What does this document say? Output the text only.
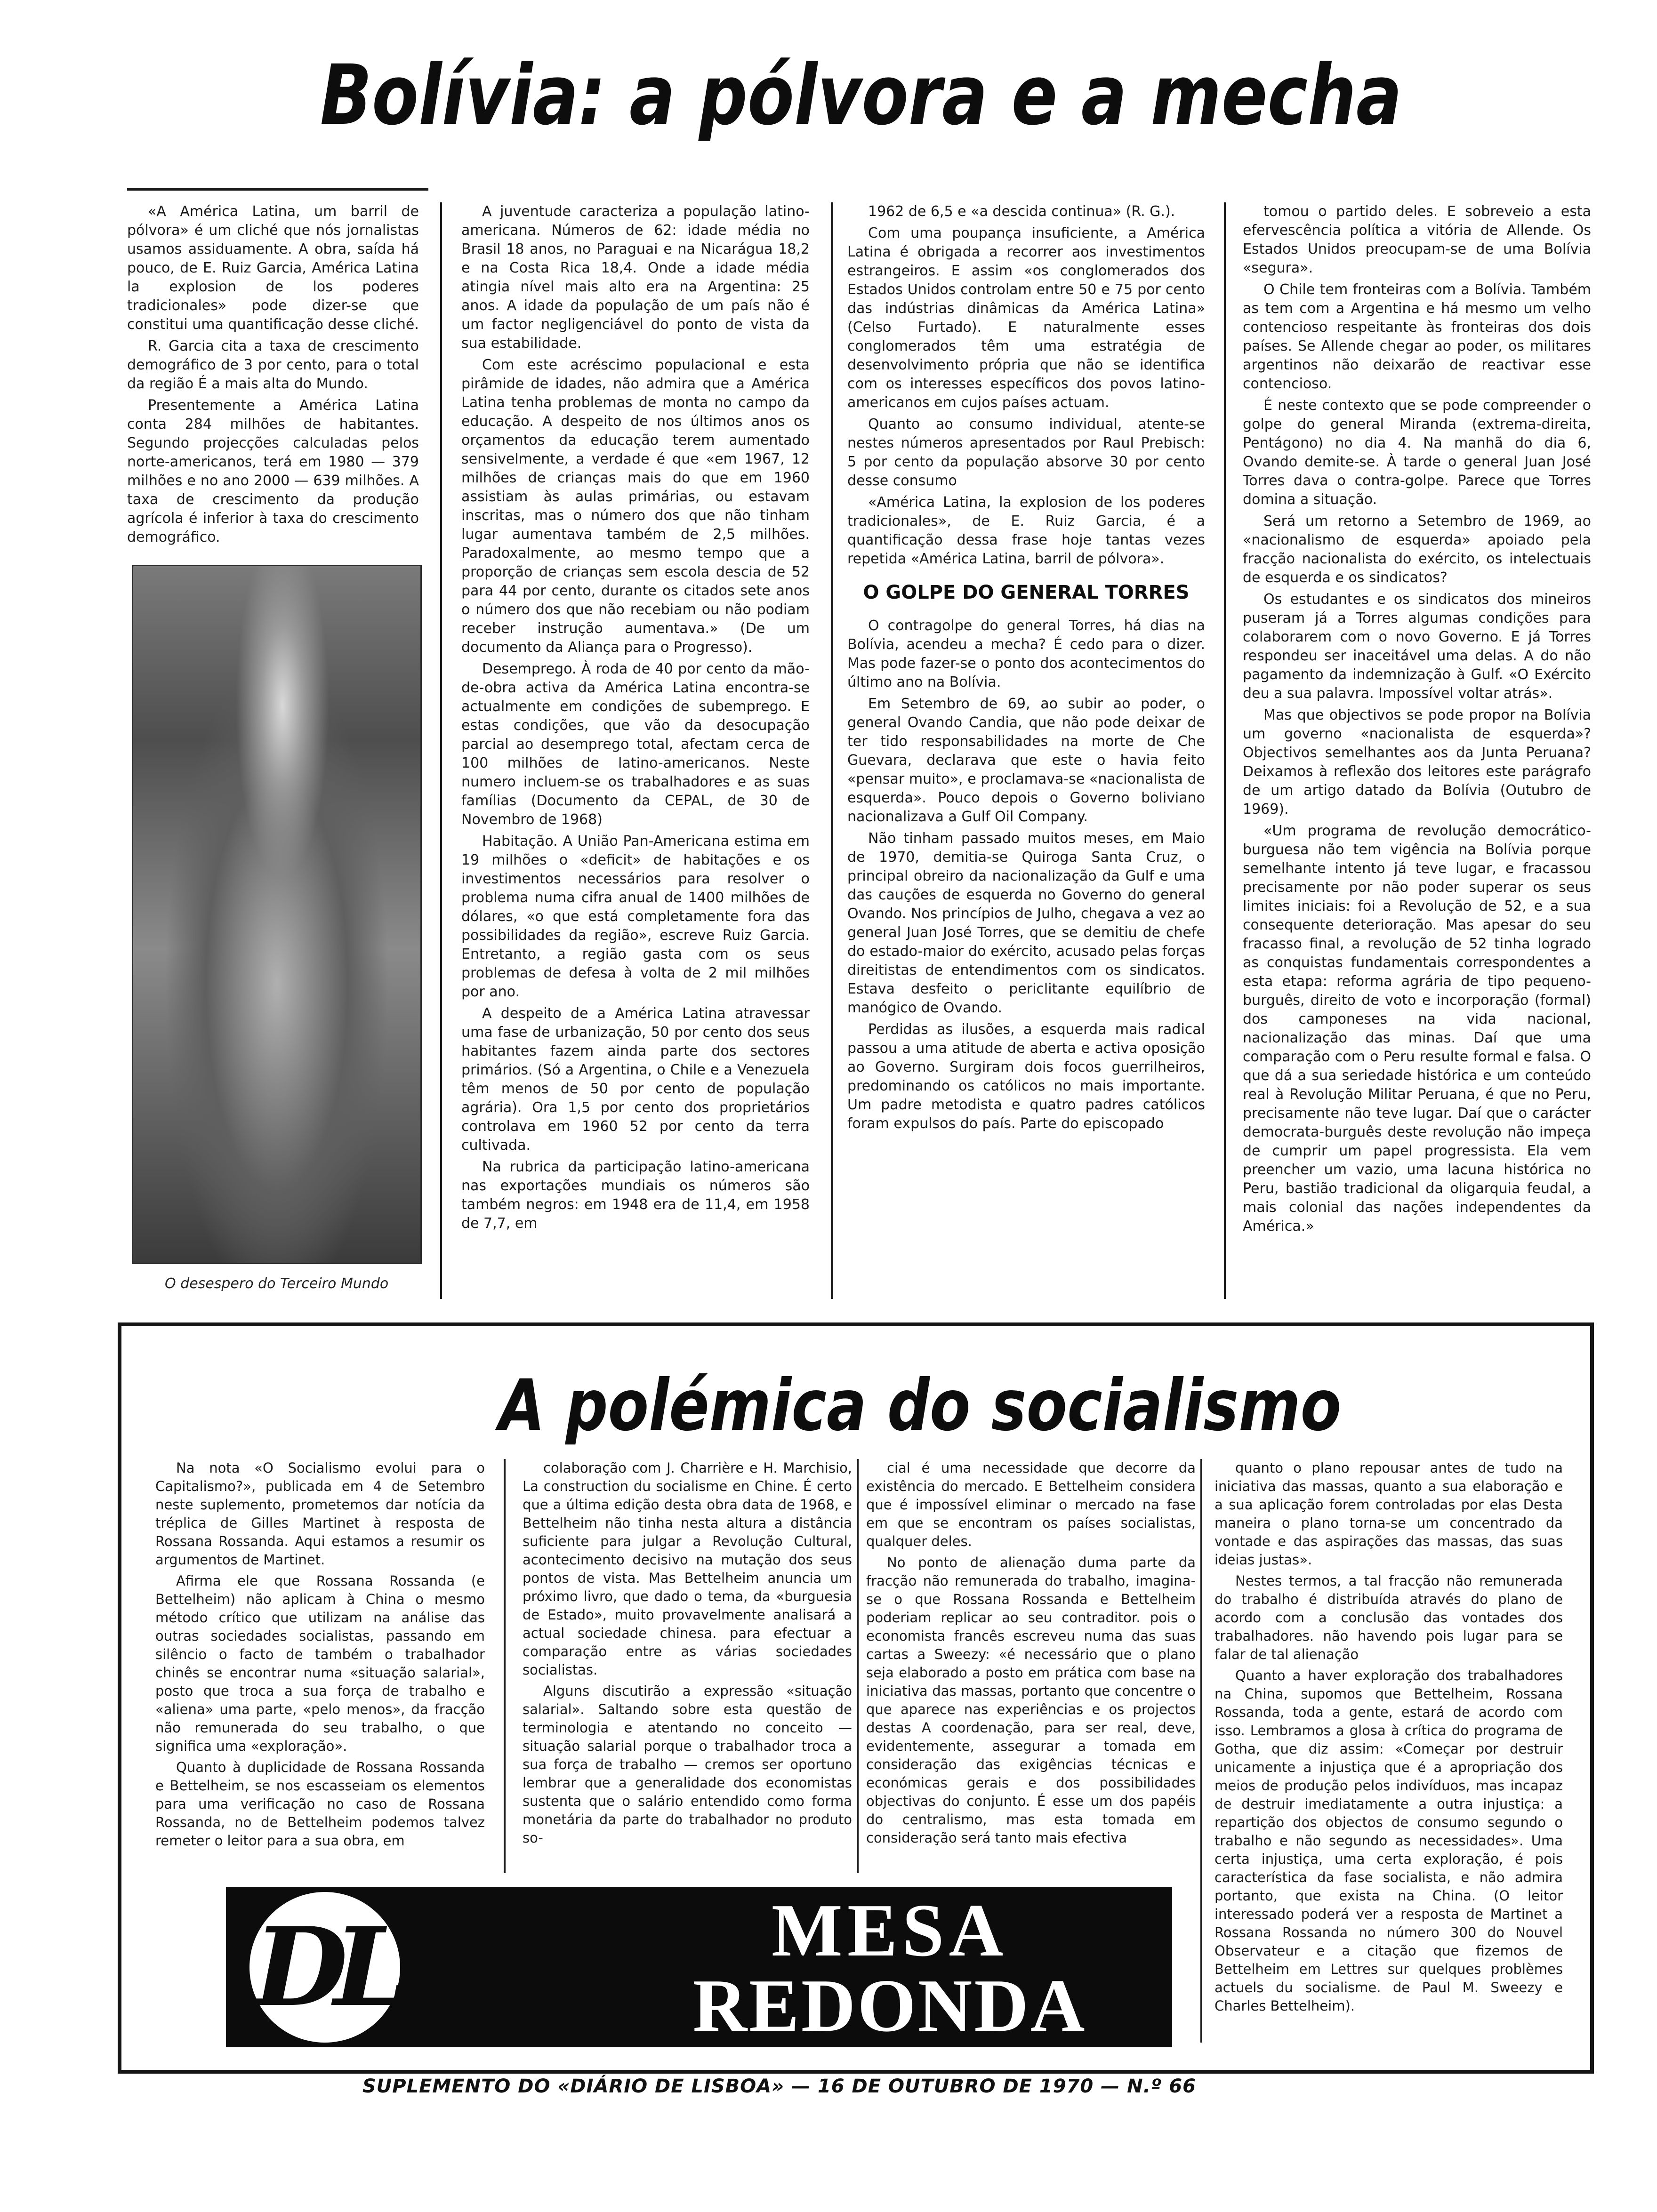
Bolívia: a pólvora e a mecha

«A América Latina, um barril de pólvora» é um cliché que nós jornalistas usamos assiduamente. A obra, saída há pouco, de E. Ruiz Garcia, América Latina la explosion de los poderes tradicionales» pode dizer-se que constitui uma quantificação desse cliché.

R. Garcia cita a taxa de crescimento demográfico de 3 por cento, para o total da região É a mais alta do Mundo.

Presentemente a América Latina conta 284 milhões de habitantes. Segundo projecções calculadas pelos norte-americanos, terá em 1980 — 379 milhões e no ano 2000 — 639 milhões. A taxa de crescimento da produção agrícola é inferior à taxa do crescimento demográfico.

O desespero do Terceiro Mundo

A juventude caracteriza a população latino-americana. Números de 62: idade média no Brasil 18 anos, no Paraguai e na Nicarágua 18,2 e na Costa Rica 18,4. Onde a idade média atingia nível mais alto era na Argentina: 25 anos. A idade da população de um país não é um factor negligenciável do ponto de vista da sua estabilidade.

Com este acréscimo populacional e esta pirâmide de idades, não admira que a América Latina tenha problemas de monta no campo da educação. A despeito de nos últimos anos os orçamentos da educação terem aumentado sensivelmente, a verdade é que «em 1967, 12 milhões de crianças mais do que em 1960 assistiam às aulas primárias, ou estavam inscritas, mas o número dos que não tinham lugar aumentava também de 2,5 milhões. Paradoxalmente, ao mesmo tempo que a proporção de crianças sem escola descia de 52 para 44 por cento, durante os citados sete anos o número dos que não recebiam ou não podiam receber instrução aumentava.» (De um documento da Aliança para o Progresso).

Desemprego. À roda de 40 por cento da mão-de-obra activa da América Latina encontra-se actualmente em condições de subemprego. E estas condições, que vão da desocupação parcial ao desemprego total, afectam cerca de 100 milhões de latino-americanos. Neste numero incluem-se os trabalhadores e as suas famílias (Documento da CEPAL, de 30 de Novembro de 1968)

Habitação. A União Pan-Americana estima em 19 milhões o «deficit» de habitações e os investimentos necessários para resolver o problema numa cifra anual de 1400 milhões de dólares, «o que está completamente fora das possibilidades da região», escreve Ruiz Garcia. Entretanto, a região gasta com os seus problemas de defesa à volta de 2 mil milhões por ano.

A despeito de a América Latina atravessar uma fase de urbanização, 50 por cento dos seus habitantes fazem ainda parte dos sectores primários. (Só a Argentina, o Chile e a Venezuela têm menos de 50 por cento de população agrária). Ora 1,5 por cento dos proprietários controlava em 1960 52 por cento da terra cultivada.

Na rubrica da participação latino-americana nas exportações mundiais os números são também negros: em 1948 era de 11,4, em 1958 de 7,7, em

1962 de 6,5 e «a descida continua» (R. G.).

Com uma poupança insuficiente, a América Latina é obrigada a recorrer aos investimentos estrangeiros. E assim «os conglomerados dos Estados Unidos controlam entre 50 e 75 por cento das indústrias dinâmicas da América Latina» (Celso Furtado). E naturalmente esses conglomerados têm uma estratégia de desenvolvimento própria que não se identifica com os interesses específicos dos povos latino-americanos em cujos países actuam.

Quanto ao consumo individual, atente-se nestes números apresentados por Raul Prebisch: 5 por cento da população absorve 30 por cento desse consumo

«América Latina, la explosion de los poderes tradicionales», de E. Ruiz Garcia, é a quantificação dessa frase hoje tantas vezes repetida «América Latina, barril de pólvora».

O GOLPE DO GENERAL TORRES

O contragolpe do general Torres, há dias na Bolívia, acendeu a mecha? É cedo para o dizer. Mas pode fazer-se o ponto dos acontecimentos do último ano na Bolívia.

Em Setembro de 69, ao subir ao poder, o general Ovando Candia, que não pode deixar de ter tido responsabilidades na morte de Che Guevara, declarava que este o havia feito «pensar muito», e proclamava-se «nacionalista de esquerda». Pouco depois o Governo boliviano nacionalizava a Gulf Oil Company.

Não tinham passado muitos meses, em Maio de 1970, demitia-se Quiroga Santa Cruz, o principal obreiro da nacionalização da Gulf e uma das cauções de esquerda no Governo do general Ovando. Nos princípios de Julho, chegava a vez ao general Juan José Torres, que se demitiu de chefe do estado-maior do exército, acusado pelas forças direitistas de entendimentos com os sindicatos. Estava desfeito o periclitante equilíbrio de manógico de Ovando.

Perdidas as ilusões, a esquerda mais radical passou a uma atitude de aberta e activa oposição ao Governo. Surgiram dois focos guerrilheiros, predominando os católicos no mais importante. Um padre metodista e quatro padres católicos foram expulsos do país. Parte do episcopado

tomou o partido deles. E sobreveio a esta efervescência política a vitória de Allende. Os Estados Unidos preocupam-se de uma Bolívia «segura».

O Chile tem fronteiras com a Bolívia. Também as tem com a Argentina e há mesmo um velho contencioso respeitante às fronteiras dos dois países. Se Allende chegar ao poder, os militares argentinos não deixarão de reactivar esse contencioso.

É neste contexto que se pode compreender o golpe do general Miranda (extrema-direita, Pentágono) no dia 4. Na manhã do dia 6, Ovando demite-se. À tarde o general Juan José Torres dava o contra-golpe. Parece que Torres domina a situação.

Será um retorno a Setembro de 1969, ao «nacionalismo de esquerda» apoiado pela fracção nacionalista do exército, os intelectuais de esquerda e os sindicatos?

Os estudantes e os sindicatos dos mineiros puseram já a Torres algumas condições para colaborarem com o novo Governo. E já Torres respondeu ser inaceitável uma delas. A do não pagamento da indemnização à Gulf. «O Exército deu a sua palavra. Impossível voltar atrás».

Mas que objectivos se pode propor na Bolívia um governo «nacionalista de esquerda»? Objectivos semelhantes aos da Junta Peruana? Deixamos à reflexão dos leitores este parágrafo de um artigo datado da Bolívia (Outubro de 1969).

«Um programa de revolução democrático-burguesa não tem vigência na Bolívia porque semelhante intento já teve lugar, e fracassou precisamente por não poder superar os seus limites iniciais: foi a Revolução de 52, e a sua consequente deterioração. Mas apesar do seu fracasso final, a revolução de 52 tinha logrado as conquistas fundamentais correspondentes a esta etapa: reforma agrária de tipo pequeno-burguês, direito de voto e incorporação (formal) dos camponeses na vida nacional, nacionalização das minas. Daí que uma comparação com o Peru resulte formal e falsa. O que dá a sua seriedade histórica e um conteúdo real à Revolução Militar Peruana, é que no Peru, precisamente não teve lugar. Daí que o carácter democrata-burguês deste revolução não impeça de cumprir um papel progressista. Ela vem preencher um vazio, uma lacuna histórica no Peru, bastião tradicional da oligarquia feudal, a mais colonial das nações independentes da América.»

A polémica do socialismo

Na nota «O Socialismo evolui para o Capitalismo?», publicada em 4 de Setembro neste suplemento, prometemos dar notícia da tréplica de Gilles Martinet à resposta de Rossana Rossanda. Aqui estamos a resumir os argumentos de Martinet.

Afirma ele que Rossana Rossanda (e Bettelheim) não aplicam à China o mesmo método crítico que utilizam na análise das outras sociedades socialistas, passando em silêncio o facto de também o trabalhador chinês se encontrar numa «situação salarial», posto que troca a sua força de trabalho e «aliena» uma parte, «pelo menos», da fracção não remunerada do seu trabalho, o que significa uma «exploração».

Quanto à duplicidade de Rossana Rossanda e Bettelheim, se nos escasseiam os elementos para uma verificação no caso de Rossana Rossanda, no de Bettelheim podemos talvez remeter o leitor para a sua obra, em

colaboração com J. Charrière e H. Marchisio, La construction du socialisme en Chine. É certo que a última edição desta obra data de 1968, e Bettelheim não tinha nesta altura a distância suficiente para julgar a Revolução Cultural, acontecimento decisivo na mutação dos seus pontos de vista. Mas Bettelheim anuncia um próximo livro, que dado o tema, da «burguesia de Estado», muito provavelmente analisará a actual sociedade chinesa. para efectuar a comparação entre as várias sociedades socialistas.

Alguns discutirão a expressão «situação salarial». Saltando sobre esta questão de terminologia e atentando no conceito — situação salarial porque o trabalhador troca a sua força de trabalho — cremos ser oportuno lembrar que a generalidade dos economistas sustenta que o salário entendido como forma monetária da parte do trabalhador no produto so-

cial é uma necessidade que decorre da existência do mercado. E Bettelheim considera que é impossível eliminar o mercado na fase em que se encontram os países socialistas, qualquer deles.

No ponto de alienação duma parte da fracção não remunerada do trabalho, imagina-se o que Rossana Rossanda e Bettelheim poderiam replicar ao seu contraditor. pois o economista francês escreveu numa das suas cartas a Sweezy: «é necessário que o plano seja elaborado a posto em prática com base na iniciativa das massas, portanto que concentre o que aparece nas experiências e os projectos destas A coordenação, para ser real, deve, evidentemente, assegurar a tomada em consideração das exigências técnicas e económicas gerais e dos possibilidades objectivas do conjunto. É esse um dos papéis do centralismo, mas esta tomada em consideração será tanto mais efectiva

quanto o plano repousar antes de tudo na iniciativa das massas, quanto a sua elaboração e a sua aplicação forem controladas por elas Desta maneira o plano torna-se um concentrado da vontade e das aspirações das massas, das suas ideias justas».

Nestes termos, a tal fracção não remunerada do trabalho é distribuída através do plano de acordo com a conclusão das vontades dos trabalhadores. não havendo pois lugar para se falar de tal alienação

Quanto a haver exploração dos trabalhadores na China, supomos que Bettelheim, Rossana Rossanda, toda a gente, estará de acordo com isso. Lembramos a glosa à crítica do programa de Gotha, que diz assim: «Começar por destruir unicamente a injustiça que é a apropriação dos meios de produção pelos indivíduos, mas incapaz de destruir imediatamente a outra injustiça: a repartição dos objectos de consumo segundo o trabalho e não segundo as necessidades». Uma certa injustiça, uma certa exploração, é pois característica da fase socialista, e não admira portanto, que exista na China. (O leitor interessado poderá ver a resposta de Martinet a Rossana Rossanda no número 300 do Nouvel Observateur e a citação que fizemos de Bettelheim em Lettres sur quelques problèmes actuels du socialisme. de Paul M. Sweezy e Charles Bettelheim).

DL	MESA
REDONDA
SUPLEMENTO DO «DIÁRIO DE LISBOA» — 16 DE OUTUBRO DE 1970 — N.º 66
